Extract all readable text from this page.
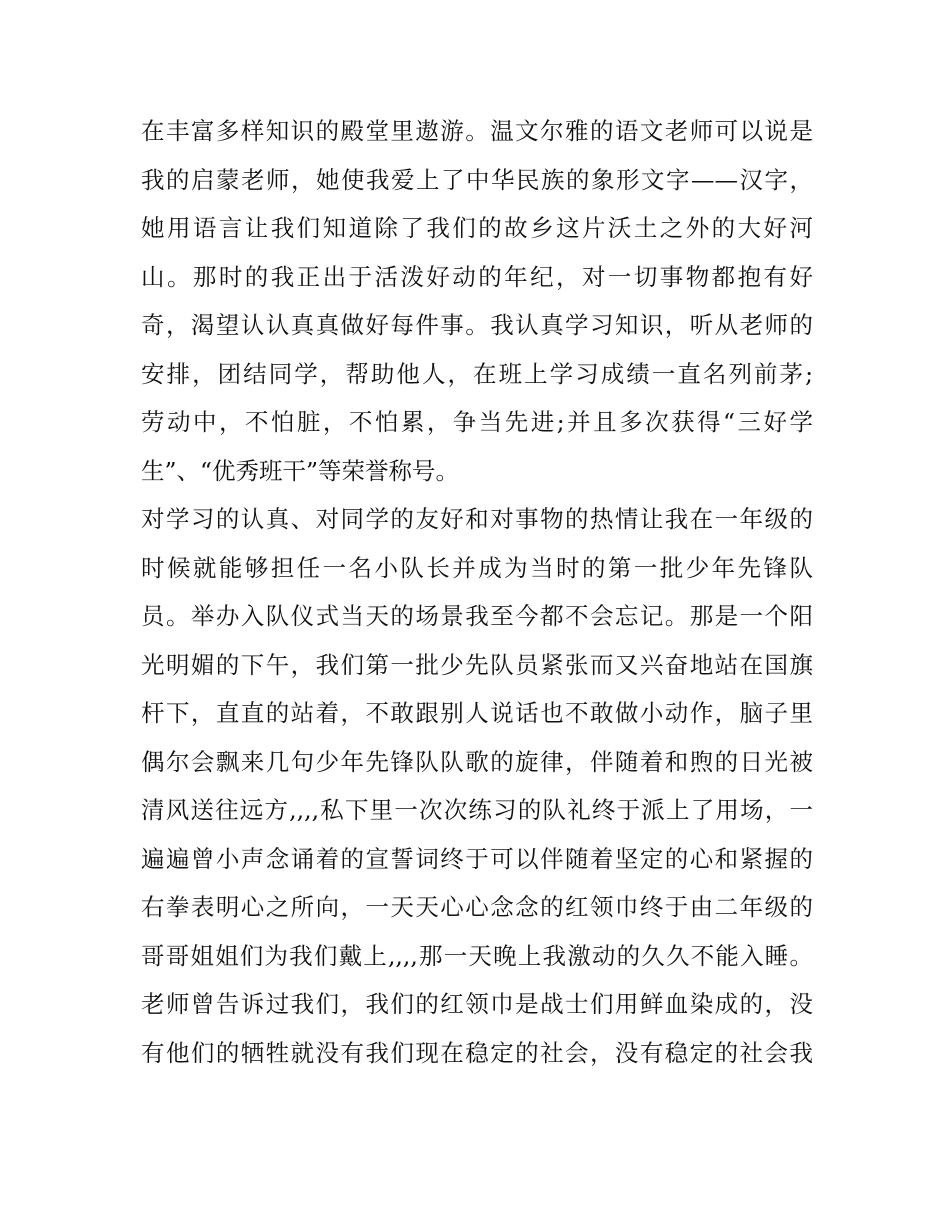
在丰富多样知识的殿堂里遨游。温文尔雅的语文老师可以说是
我的启蒙老师，她使我爱上了中华民族的象形文字——汉字，
她用语言让我们知道除了我们的故乡这片沃土之外的大好河
山。那时的我正出于活泼好动的年纪，对一切事物都抱有好
奇，渴望认认真真做好每件事。我认真学习知识，听从老师的
安排，团结同学，帮助他人，在班上学习成绩一直名列前茅;
劳动中，不怕脏，不怕累，争当先进;并且多次获得“三好学
生”、“优秀班干”等荣誉称号。
对学习的认真、对同学的友好和对事物的热情让我在一年级的
时候就能够担任一名小队长并成为当时的第一批少年先锋队
员。举办入队仪式当天的场景我至今都不会忘记。那是一个阳
光明媚的下午，我们第一批少先队员紧张而又兴奋地站在国旗
杆下，直直的站着，不敢跟别人说话也不敢做小动作，脑子里
偶尔会飘来几句少年先锋队队歌的旋律，伴随着和煦的日光被
清风送往远方,,,,私下里一次次练习的队礼终于派上了用场，一
遍遍曾小声念诵着的宣誓词终于可以伴随着坚定的心和紧握的
右拳表明心之所向，一天天心心念念的红领巾终于由二年级的
哥哥姐姐们为我们戴上,,,,那一天晚上我激动的久久不能入睡。
老师曾告诉过我们，我们的红领巾是战士们用鲜血染成的，没
有他们的牺牲就没有我们现在稳定的社会，没有稳定的社会我
